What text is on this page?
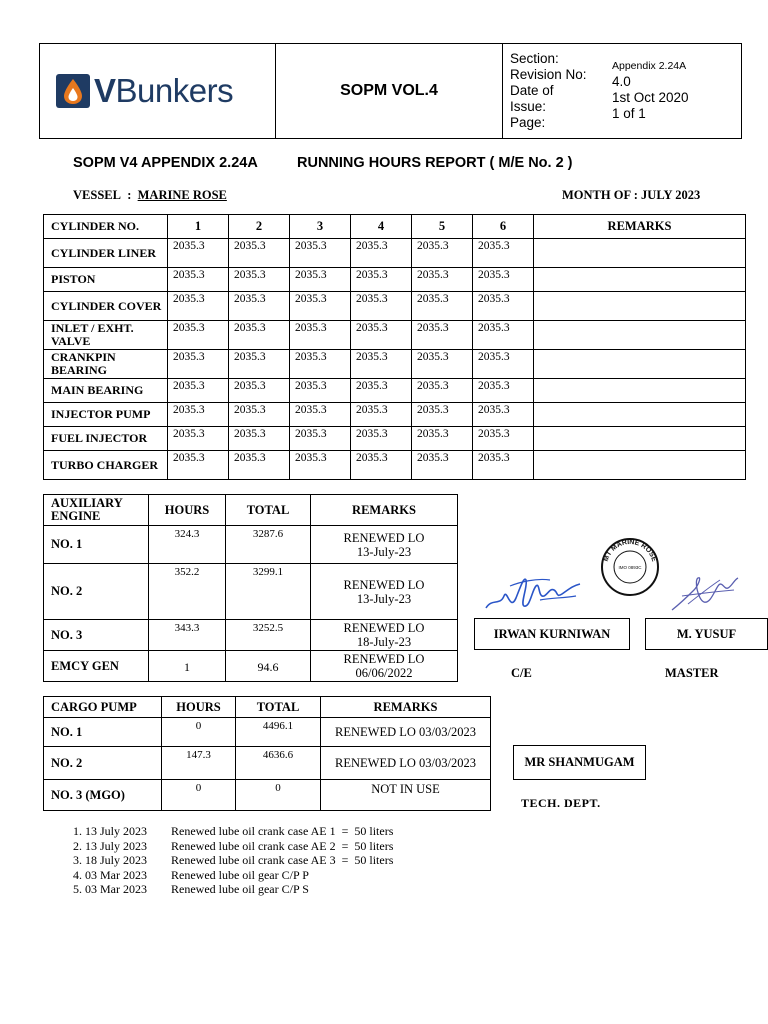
VBunkers	SOPM VOL.4	
Section:
Revision No:
Date of Issue:
Page:
Appendix 2.24A
4.0
1st Oct 2020
1 of 1
SOPM V4 APPENDIX 2.24A	RUNNING HOURS REPORT ( M/E No. 2 )
VESSEL  :  MARINE ROSE	MONTH OF : JULY 2023
CYLINDER NO.	1	2	3	4	5	6	REMARKS
CYLINDER LINER	2035.3	2035.3	2035.3	2035.3	2035.3	2035.3	
PISTON	2035.3	2035.3	2035.3	2035.3	2035.3	2035.3	
CYLINDER COVER	2035.3	2035.3	2035.3	2035.3	2035.3	2035.3	
INLET / EXHT. VALVE	2035.3	2035.3	2035.3	2035.3	2035.3	2035.3	
CRANKPIN BEARING	2035.3	2035.3	2035.3	2035.3	2035.3	2035.3	
MAIN BEARING	2035.3	2035.3	2035.3	2035.3	2035.3	2035.3	
INJECTOR PUMP	2035.3	2035.3	2035.3	2035.3	2035.3	2035.3	
FUEL INJECTOR	2035.3	2035.3	2035.3	2035.3	2035.3	2035.3	
TURBO CHARGER	2035.3	2035.3	2035.3	2035.3	2035.3	2035.3	
AUXILIARY ENGINE	HOURS	TOTAL	REMARKS
NO. 1	324.3	3287.6	RENEWED LO
13-July-23

NO. 2	352.2	3299.1	RENEWED LO
13-July-23

NO. 3	343.3	3252.5	RENEWED LO
18-July-23

EMCY GEN	1	94.6	RENEWED LO
06/06/2022
CARGO PUMP	HOURS	TOTAL	REMARKS
NO. 1	0	4496.1	RENEWED LO 03/03/2023
NO. 2	147.3	4636.6	RENEWED LO 03/03/2023
NO. 3 (MGO)	0	0	NOT IN USE
MT MARINE ROSE
IMO 0893C
IRWAN KURNIWAN	M. YUSUF
C/E	MASTER
MR SHANMUGAM
TECH. DEPT.
1. 13 July 2023	Renewed lube oil crank case AE 1  =  50 liters
2. 13 July 2023	Renewed lube oil crank case AE 2  =  50 liters
3. 18 July 2023	Renewed lube oil crank case AE 3  =  50 liters
4. 03 Mar 2023	Renewed lube oil gear C/P P
5. 03 Mar 2023	Renewed lube oil gear C/P S
